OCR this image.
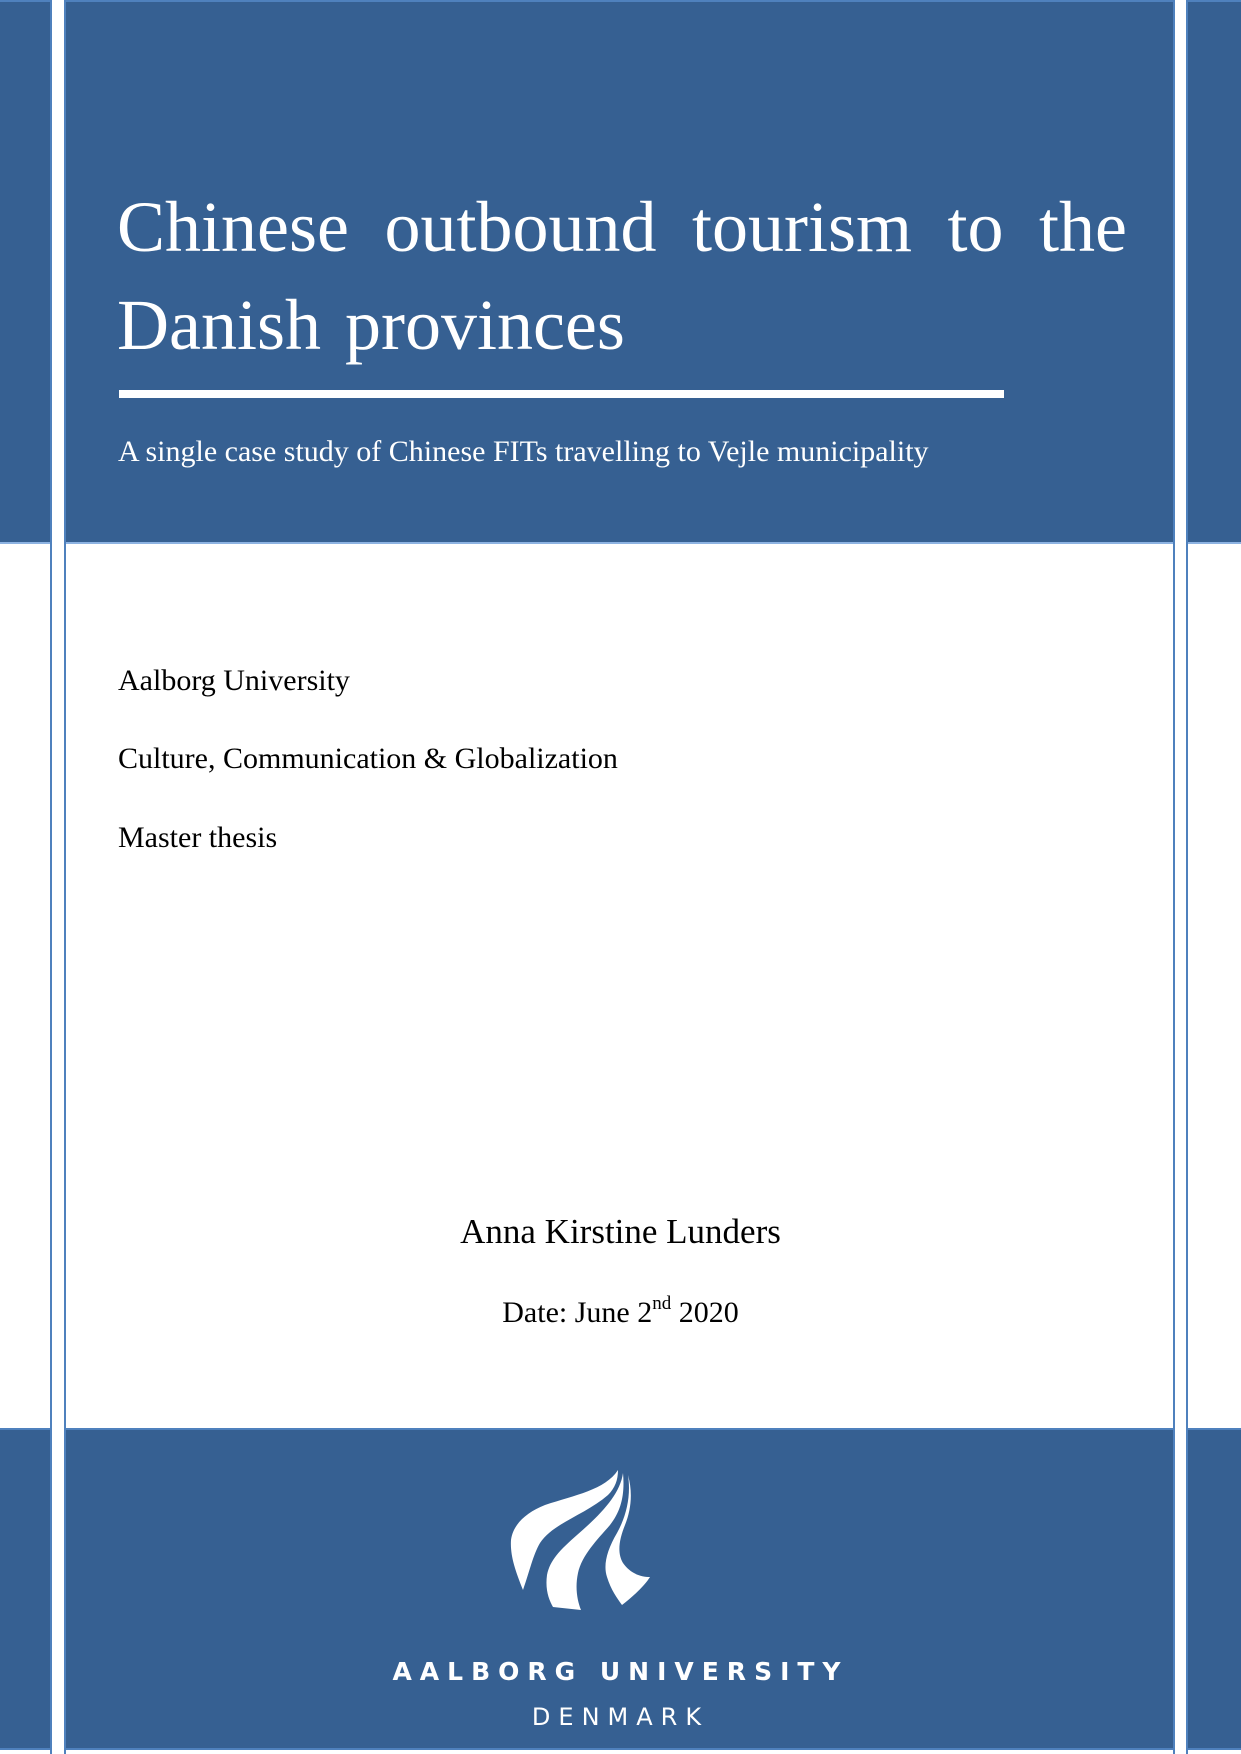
Chinese outbound tourism to the Danish provinces
A single case study of Chinese FITs travelling to Vejle municipality
Aalborg University
Culture, Communication & Globalization
Master thesis
Anna Kirstine Lunders
Date: June 2nd 2020
AALBORG UNIVERSITY
DENMARK
